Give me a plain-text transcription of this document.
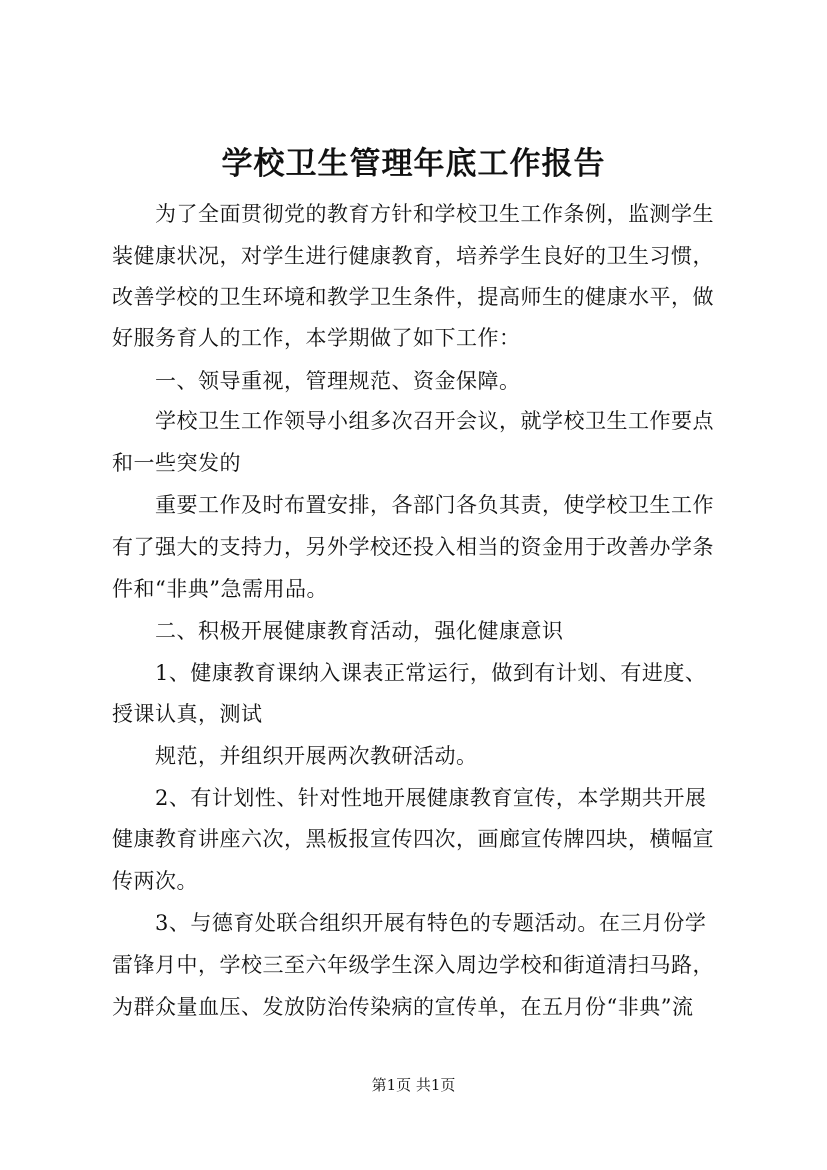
学校卫生管理年底工作报告
为了全面贯彻党的教育方针和学校卫生工作条例，监测学生
装健康状况，对学生进行健康教育，培养学生良好的卫生习惯，
改善学校的卫生环境和教学卫生条件，提高师生的健康水平，做
好服务育人的工作，本学期做了如下工作：
一、领导重视，管理规范、资金保障。
学校卫生工作领导小组多次召开会议，就学校卫生工作要点
和一些突发的
重要工作及时布置安排，各部门各负其责，使学校卫生工作
有了强大的支持力，另外学校还投入相当的资金用于改善办学条
件和“非典”急需用品。
二、积极开展健康教育活动，强化健康意识
1、健康教育课纳入课表正常运行，做到有计划、有进度、
授课认真，测试
规范，并组织开展两次教研活动。
2、有计划性、针对性地开展健康教育宣传，本学期共开展
健康教育讲座六次，黑板报宣传四次，画廊宣传牌四块，横幅宣
传两次。
3、与德育处联合组织开展有特色的专题活动。在三月份学
雷锋月中，学校三至六年级学生深入周边学校和街道清扫马路，
为群众量血压、发放防治传染病的宣传单，在五月份“非典”流
第1页 共1页
